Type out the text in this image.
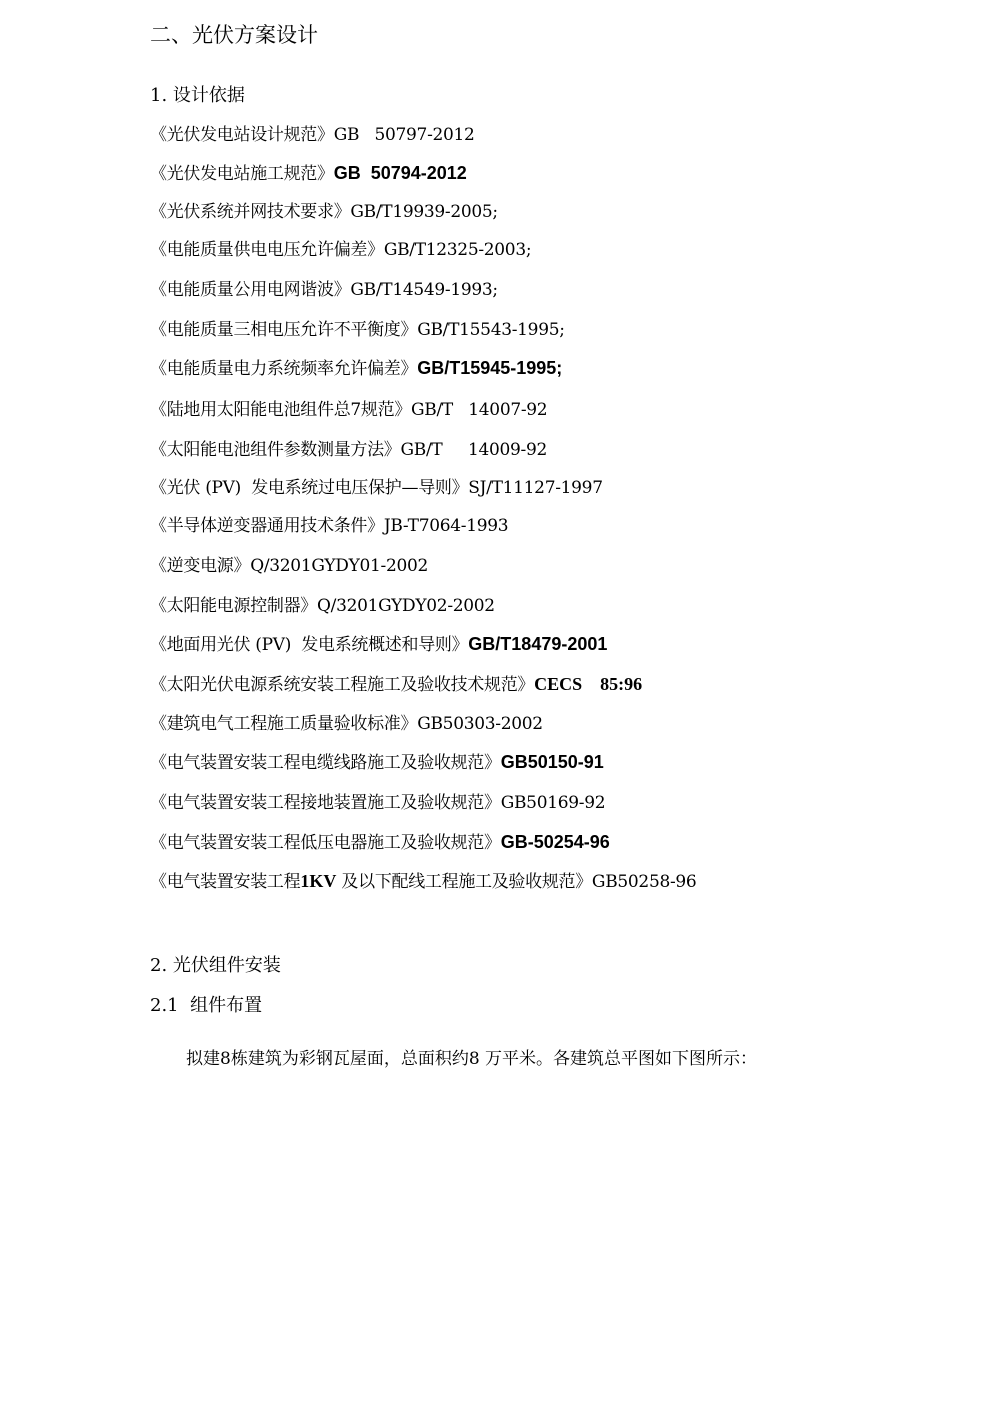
二、光伏方案设计
1. 设计依据
《光伏发电站设计规范》GB   50797-2012
《光伏发电站施工规范》GB  50794-2012
《光伏系统并网技术要求》GB/T19939-2005;
《电能质量供电电压允许偏差》GB/T12325-2003;
《电能质量公用电网谐波》GB/T14549-1993;
《电能质量三相电压允许不平衡度》GB/T15543-1995;
《电能质量电力系统频率允许偏差》GB/T15945-1995;
《陆地用太阳能电池组件总7规范》GB/T   14007-92
《太阳能电池组件参数测量方法》GB/T     14009-92
《光伏 (PV)  发电系统过电压保护—导则》SJ/T11127-1997
《半导体逆变器通用技术条件》JB-T7064-1993
《逆变电源》Q/3201GYDY01-2002
《太阳能电源控制器》Q/3201GYDY02-2002
《地面用光伏 (PV)  发电系统概述和导则》GB/T18479-2001
《太阳光伏电源系统安装工程施工及验收技术规范》CECS    85:96
《建筑电气工程施工质量验收标准》GB50303-2002
《电气装置安装工程电缆线路施工及验收规范》GB50150-91
《电气装置安装工程接地装置施工及验收规范》GB50169-92
《电气装置安装工程低压电器施工及验收规范》GB-50254-96
《电气装置安装工程1KV 及以下配线工程施工及验收规范》GB50258-96
2. 光伏组件安装
2.1  组件布置
拟建8栋建筑为彩钢瓦屋面，总面积约8 万平米。各建筑总平图如下图所示：
